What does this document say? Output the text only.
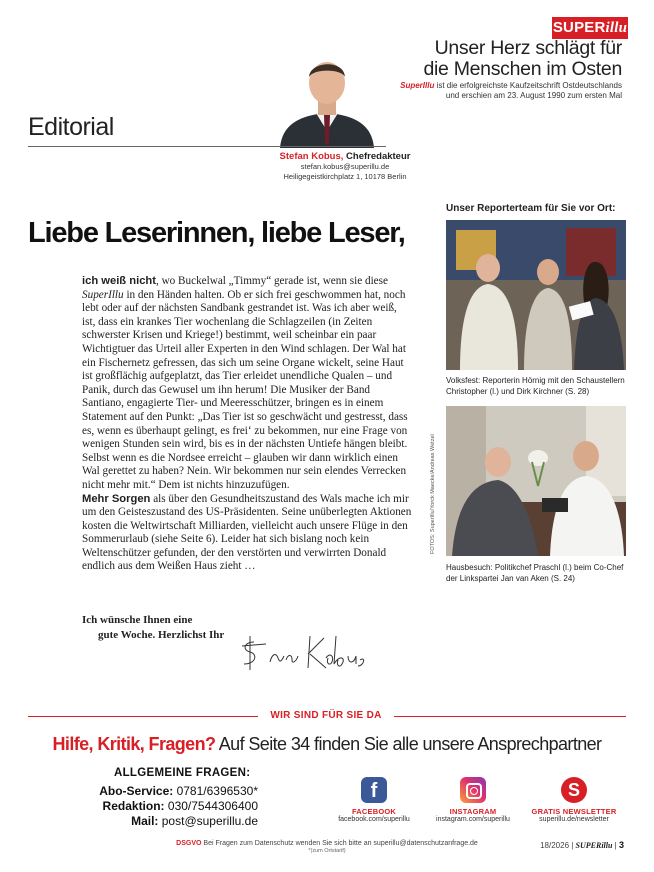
SUPERillu
Unser Herz schlägt für
die Menschen im Osten
SuperIllu ist die erfolgreichste Kaufzeitschrift Ostdeutschlands
und erschien am 23. August 1990 zum ersten Mal
Editorial
Stefan Kobus, Chefredakteur
stefan.kobus@superillu.de
Heiligegeistkirchplatz 1, 10178 Berlin
Liebe Leserinnen, liebe Leser,

ich weiß nicht, wo Buckelwal „Timmy“ gerade ist, wenn sie diese SuperIllu in den Händen halten. Ob er sich frei geschwommen hat, noch lebt oder auf der nächsten Sandbank gestrandet ist. Was ich aber weiß, ist, dass ein krankes Tier wochenlang die Schlagzeilen (in Zeiten schwerster Krisen und Kriege!) bestimmt, weil scheinbar ein paar Wichtigtuer das Urteil aller Experten in den Wind schlagen. Der Wal hat ein Fischernetz gefressen, das sich um seine Organe wickelt, seine Haut ist großflächig aufgeplatzt, das Tier erleidet unendliche Qualen – und Panik, durch das Gewusel um ihn herum! Die Musiker der Band Santiano, engagierte Tier- und Meeresschützer, bringen es in einem Statement auf den Punkt: „Das Tier ist so geschwächt und gestresst, dass es, wenn es überhaupt gelingt, es frei‘ zu bekommen, nur eine Frage von wenigen Stunden sein wird, bis es in der nächsten Untiefe hängen bleibt. Selbst wenn es die Nordsee erreicht – glauben wir dann wirklich einen Wal gerettet zu haben? Nein. Wir bekommen nur sein elendes Verrecken nicht mehr mit.“ Dem ist nichts hinzuzufügen.

Mehr Sorgen als über den Gesundheitszustand des Wals mache ich mir um den Geisteszustand des US-Präsidenten. Seine unüberlegten Aktionen kosten die Weltwirtschaft Milliarden, vielleicht auch unsere Flüge in den Sommerurlaub (siehe Seite 6). Leider hat sich bislang noch kein Weltenschützer gefunden, der den verstörten und verwirrten Donald endlich aus dem Weißen Haus zieht …

Ich wünsche Ihnen eine
gute Woche. Herzlichst Ihr
Unser Reporterteam für Sie vor Ort:
Volksfest: Reporterin Hörnig mit den Schaustellern Christopher (l.) und Dirk Kirchner (S. 28)
FOTOS: SuperIllu/Yorck Maecke/Andreas Wetzel
Hausbesuch: Politikchef Praschl (l.) beim Co-Chef der Linkspartei Jan van Aken (S. 24)
WIR SIND FÜR SIE DA
Hilfe, Kritik, Fragen? Auf Seite 34 finden Sie alle unsere Ansprechpartner
ALLGEMEINE FRAGEN:
Abo-Service: 0781/6396530*
Redaktion: 030/7544306400
Mail: post@superillu.de
f
FACEBOOK
facebook.com/superillu
INSTAGRAM
instagram.com/superillu
S
GRATIS NEWSLETTER
superillu.de/newsletter
DSGVO Bei Fragen zum Datenschutz wenden Sie sich bitte an superillu@datenschutzanfrage.de
*(zum Ortstarif)
18/2026 | SUPERillu | 3
